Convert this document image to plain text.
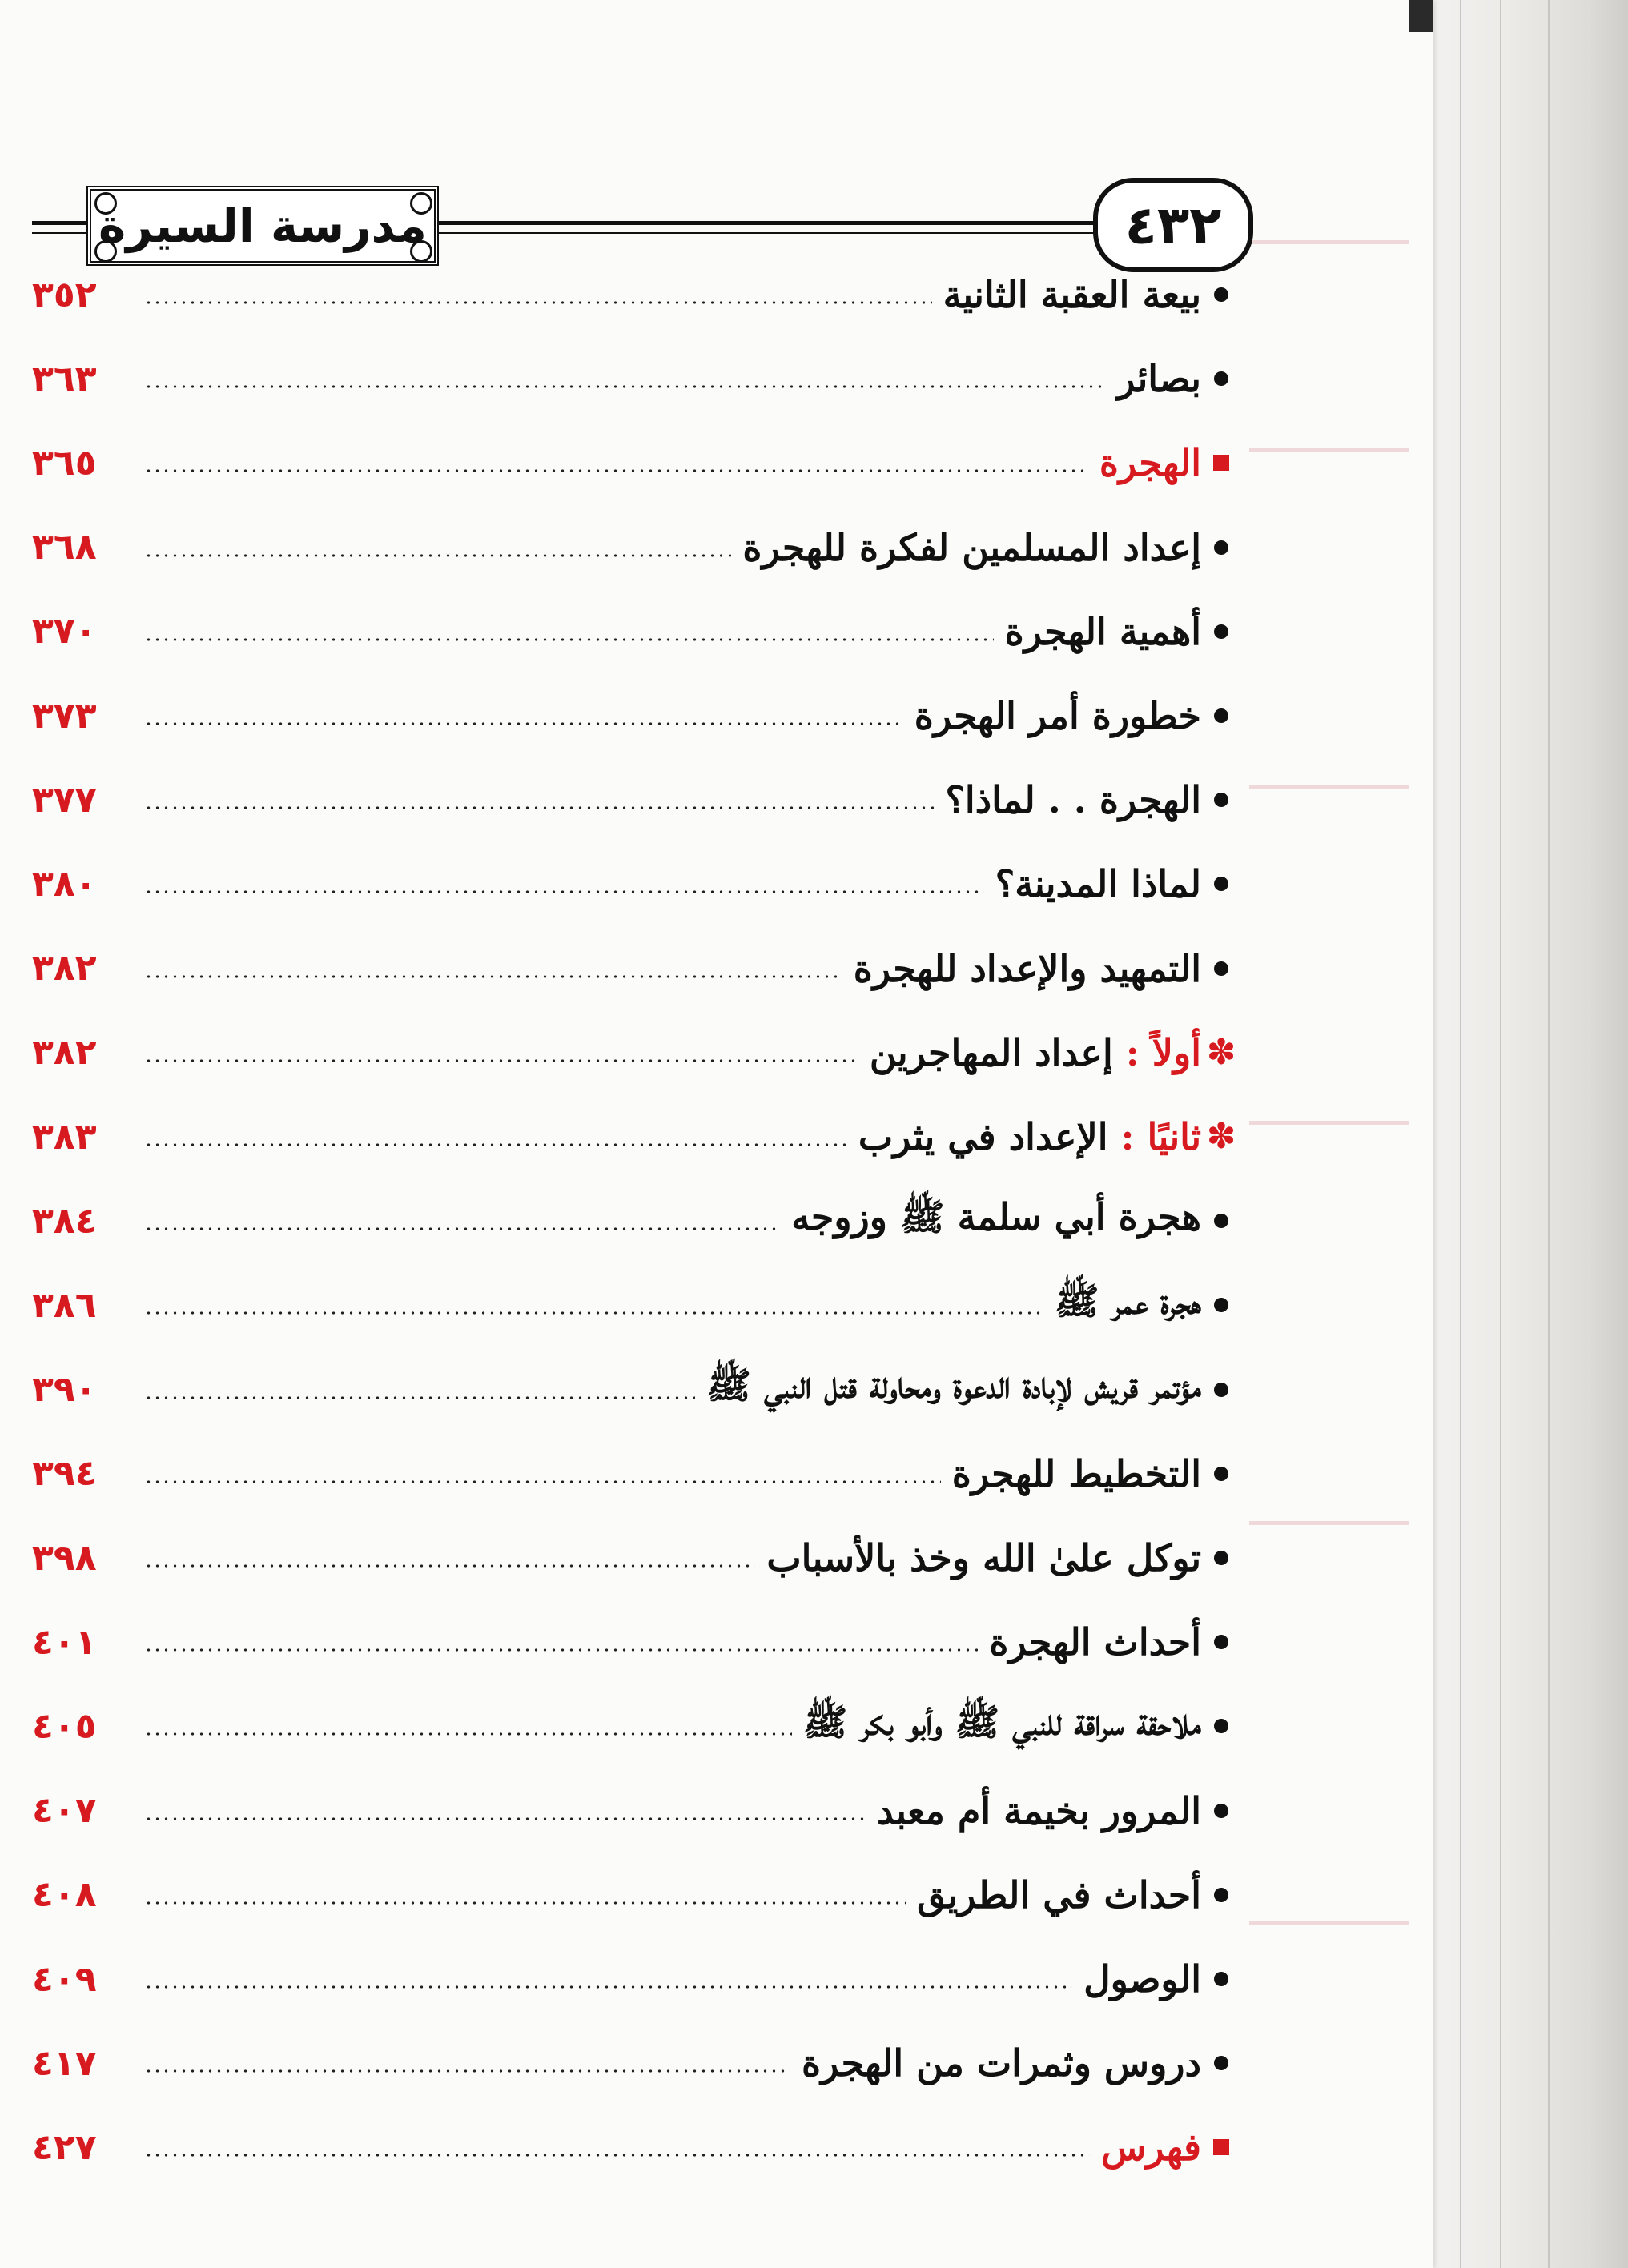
مدرسة السيرة	٤٣٢
٣٥٢	بيعة العقبة الثانية
٣٦٣	بصائر
٣٦٥	الهجرة
٣٦٨	إعداد المسلمين لفكرة للهجرة
٣٧٠	أهمية الهجرة
٣٧٣	خطورة أمر الهجرة
٣٧٧	الهجرة . . لماذا؟
٣٨٠	لماذا المدينة؟
٣٨٢	التمهيد والإعداد للهجرة
٣٨٢	أولاً :إعداد المهاجرين	✽
٣٨٣	ثانيًا :الإعداد في يثرب	✽
٣٨٤	هجرة أبي سلمة ﷺ وزوجه
٣٨٦	هجرة عمر ﷺ
٣٩٠	مؤتمر قريش لإبادة الدعوة ومحاولة قتل النبي ﷺ
٣٩٤	التخطيط للهجرة
٣٩٨	توكل علىٰ الله وخذ بالأسباب
٤٠١	أحداث الهجرة
٤٠٥	ملاحقة سراقة للنبي ﷺ وأبو بكر ﷺ
٤٠٧	المرور بخيمة أم معبد
٤٠٨	أحداث في الطريق
٤٠٩	الوصول
٤١٧	دروس وثمرات من الهجرة
٤٢٧	فهرس
